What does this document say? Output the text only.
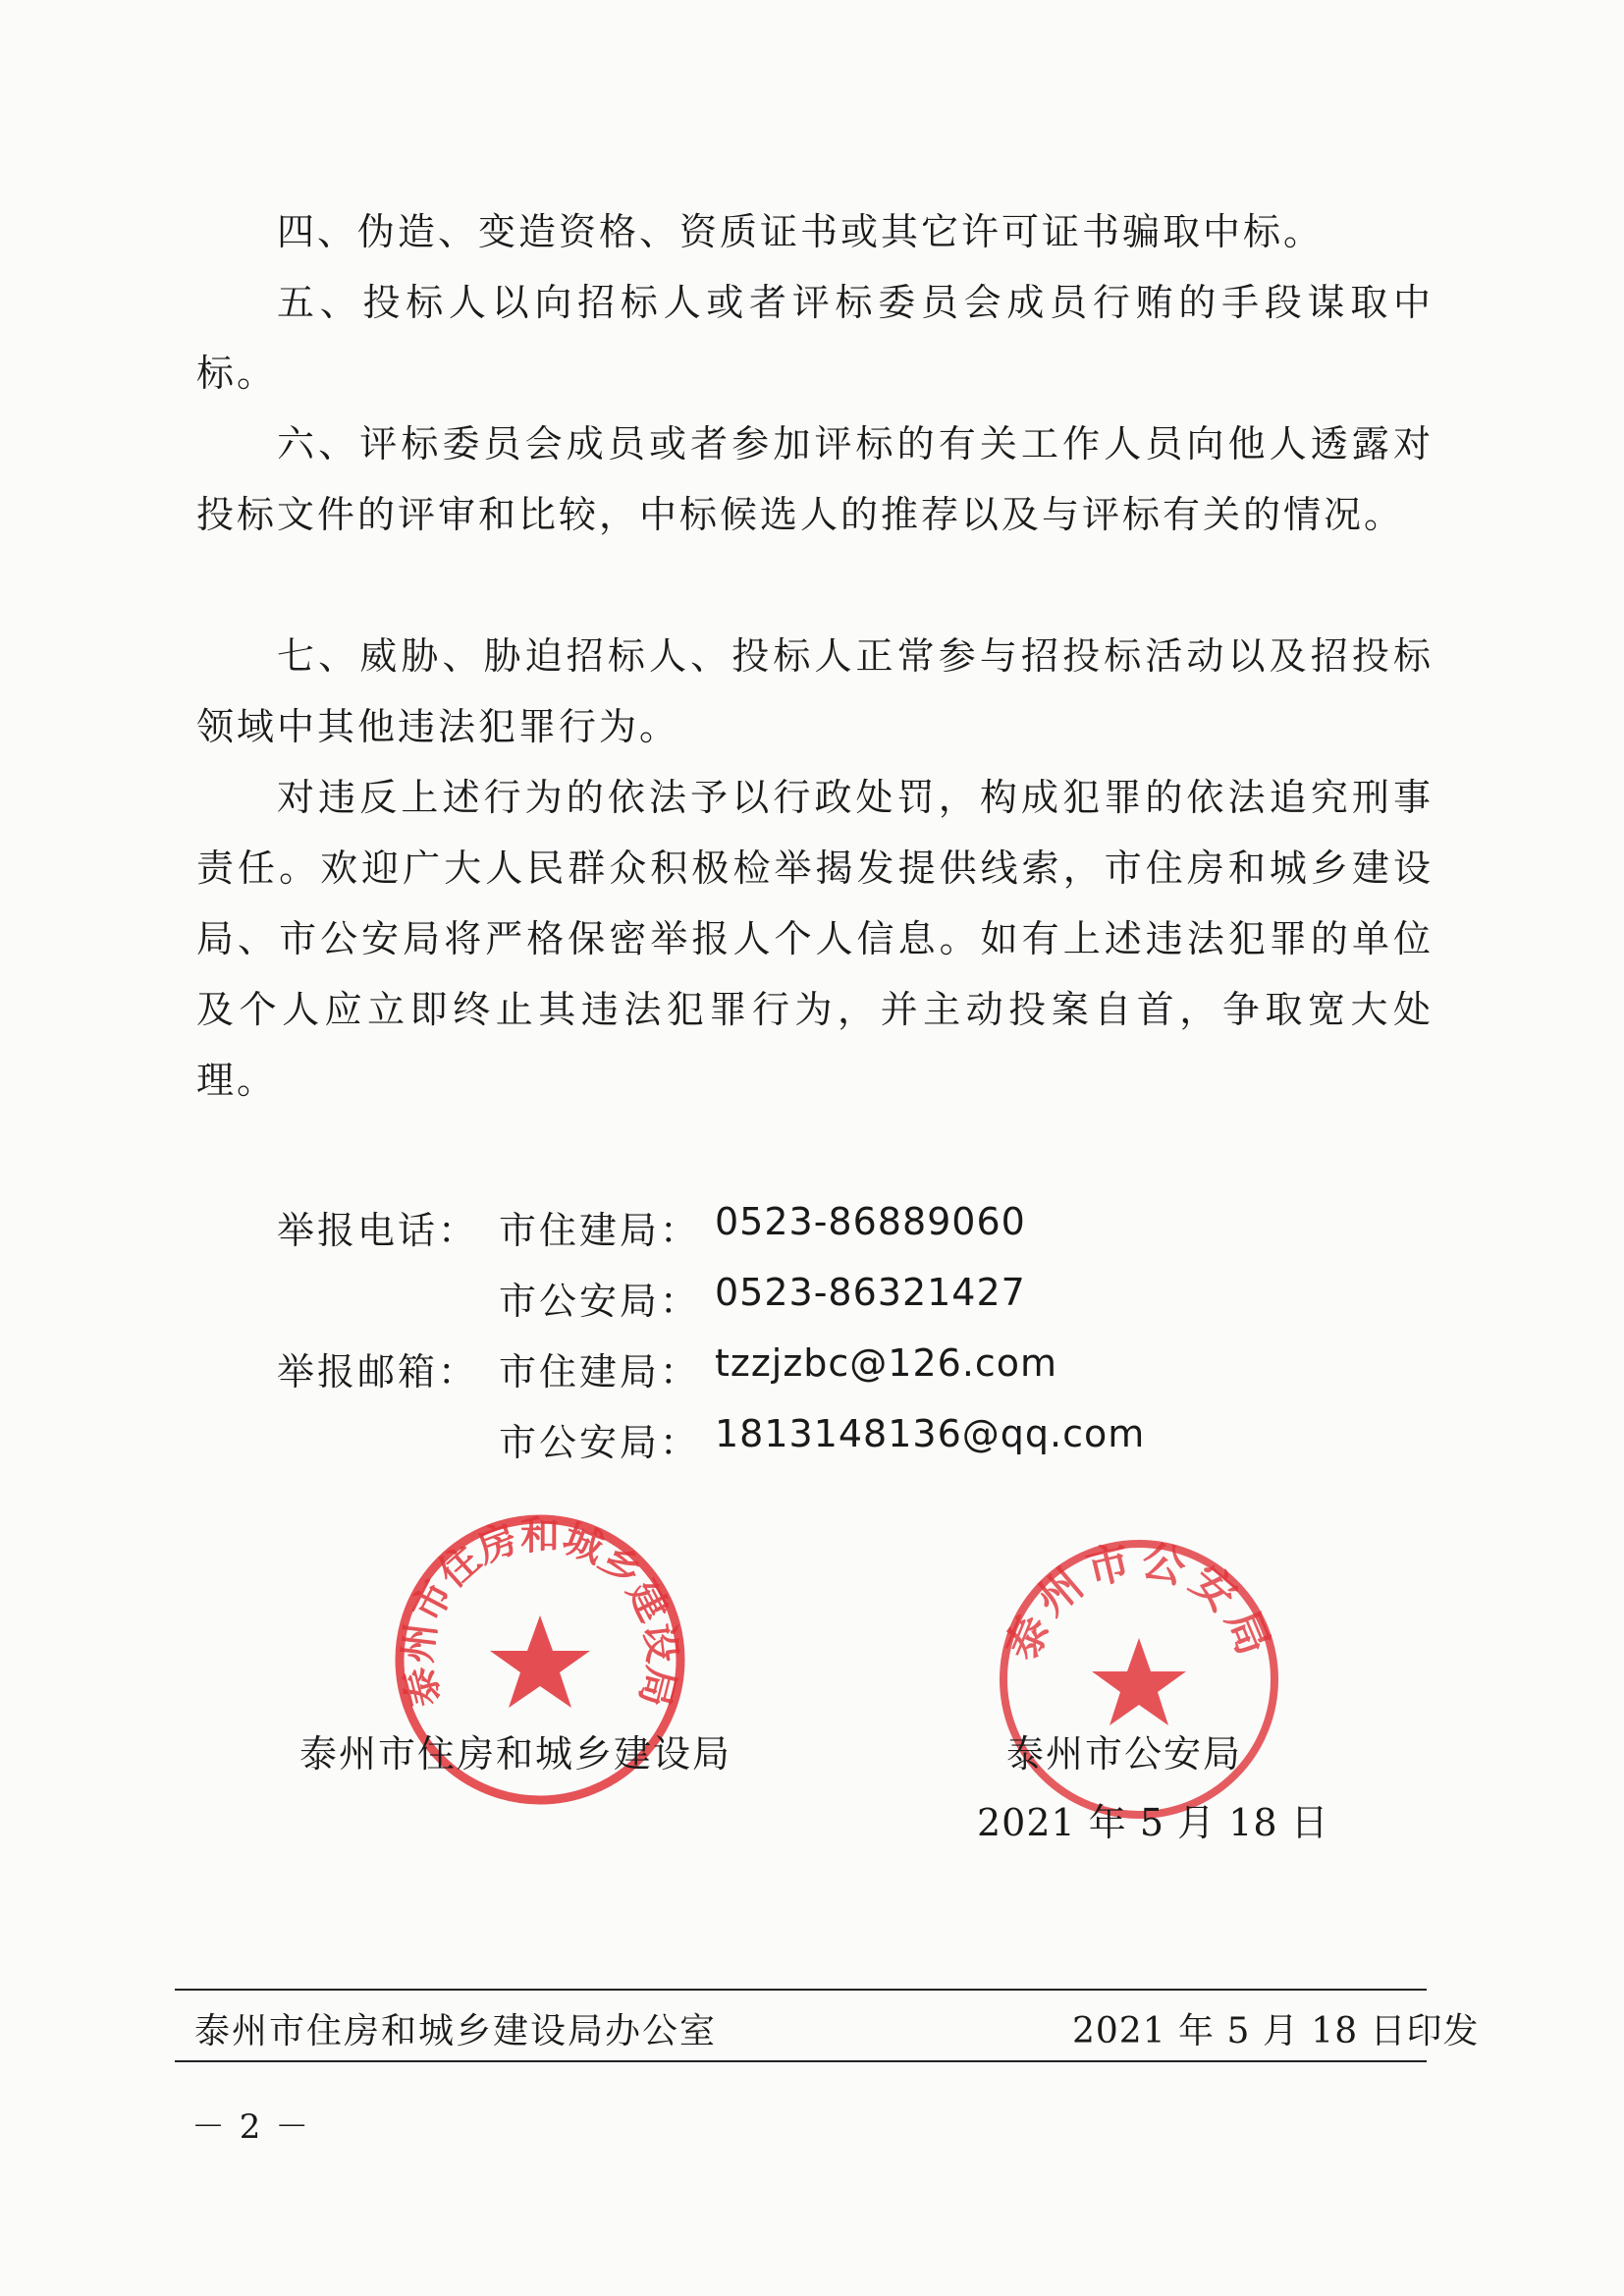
四、伪造、变造资格、资质证书或其它许可证书骗取中标。
五、投标人以向招标人或者评标委员会成员行贿的手段谋取中标。
六、评标委员会成员或者参加评标的有关工作人员向他人透露对投标文件的评审和比较，中标候选人的推荐以及与评标有关的情况。
七、威胁、胁迫招标人、投标人正常参与招投标活动以及招投标领域中其他违法犯罪行为。
对违反上述行为的依法予以行政处罚，构成犯罪的依法追究刑事责任。欢迎广大人民群众积极检举揭发提供线索，市住房和城乡建设局、市公安局将严格保密举报人个人信息。如有上述违法犯罪的单位及个人应立即终止其违法犯罪行为，并主动投案自首，争取宽大处理。
举报电话： 市住建局： 0523-86889060
市公安局： 0523-86321427
举报邮箱： 市住建局： tzzjzbc@126.com
市公安局： 1813148136@qq.com
泰州市住房和城乡建设局
泰州市公安局
泰州市住房和城乡建设局	泰州市公安局
2021 年 5 月 18 日
泰州市住房和城乡建设局办公室	2021 年 5 月 18 日印发
－ 2 －
